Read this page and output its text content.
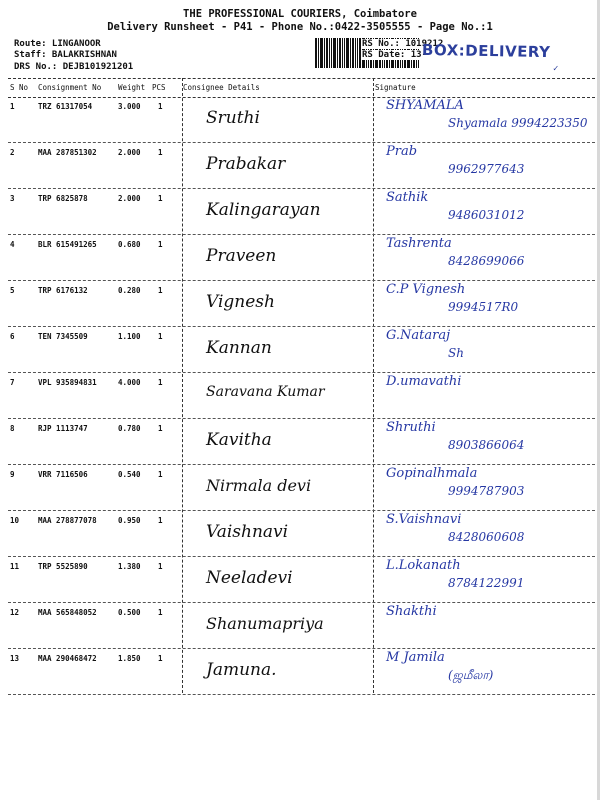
THE PROFESSIONAL COURIERS, Coimbatore
Delivery Runsheet - P41 - Phone No.:0422-3505555 - Page No.:1
Route: LINGANOOR
Staff: BALAKRISHNAN
DRS No.: DEJB101921201
RS No.: 1019212
RS Date: 13-
BOX:DELIVERY
✓
S No Consignment No Weight PCS Consignee Details	Signature
1	TRZ 61317054	3.000 1
Sruthi
SHYAMALA
Shyamala 9994223350
2	MAA 287851302	2.000 1
Prabakar
Prab
9962977643
3	TRP 6825878	2.000 1
Kalingarayan
Sathik
9486031012
4	BLR 615491265	0.680 1
Praveen
Tashrenta
8428699066
5	TRP 6176132	0.280 1
Vignesh
C.P Vignesh
9994517R0
6	TEN 7345509	1.100 1
Kannan
G.Nataraj
Sh
7	VPL 935894831	4.000 1
Saravana Kumar
D.umavathi
8	RJP 1113747	0.780 1
Kavitha
Shruthi
8903866064
9	VRR 7116506	0.540 1
Nirmala devi
Gopinalhmala
9994787903
10	MAA 278877078	0.950 1
Vaishnavi
S.Vaishnavi
8428060608
11	TRP 5525890	1.380 1
Neeladevi
L.Lokanath
8784122991
12	MAA 565848052	0.500 1
Shanumapriya
Shakthi
13	MAA 290468472	1.850 1
Jamuna.
M Jamila
(ஜமீலா)
